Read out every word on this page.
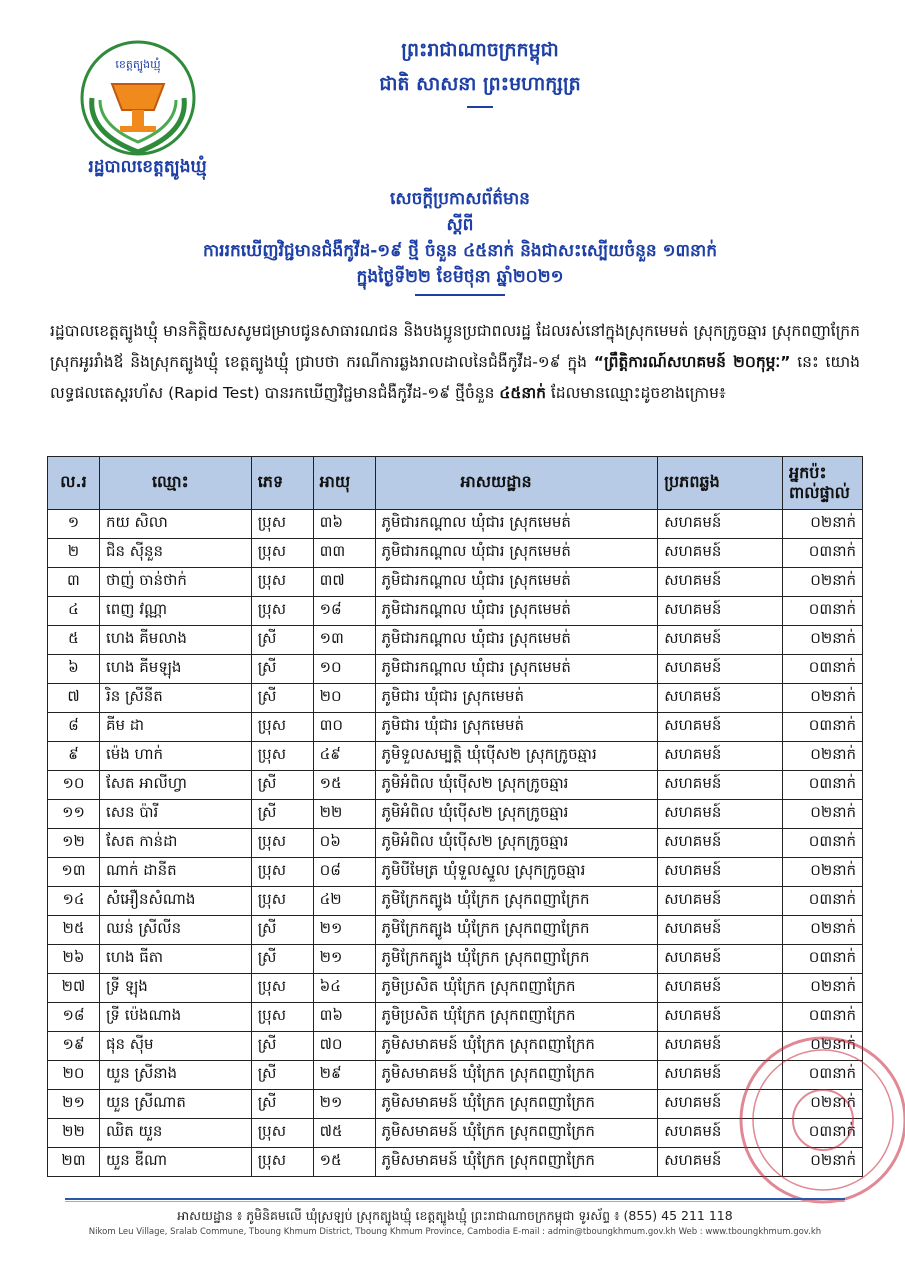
ខេត្តត្បូងឃ្មុំ
រដ្ឋបាលខេត្តត្បូងឃ្មុំ
ព្រះរាជាណាចក្រកម្ពុជា
ជាតិ សាសនា ព្រះមហាក្សត្រ
សេចក្តីប្រកាសព័ត៌មាន
ស្តីពី
ការរកឃើញវិជ្ជមានជំងឺកូវីដ-១៩ ថ្មី ចំនួន ៤៥នាក់ និងជាសះស្បើយចំនួន ១៣នាក់
ក្នុងថ្ងៃទី២២ ខែមិថុនា ឆ្នាំ២០២១
រដ្ឋបាលខេត្តត្បូងឃ្មុំ មានកិត្តិយសសូមជម្រាបជូនសាធារណជន និងបងប្អូនប្រជាពលរដ្ឋ ដែលរស់នៅក្នុងស្រុកមេមត់ ស្រុកក្រូចឆ្មារ ស្រុកពញាក្រែក ស្រុកអូររាំងឪ និងស្រុកត្បូងឃ្មុំ ខេត្តត្បូងឃ្មុំ ជ្រាបថា ករណីការឆ្លងរាលដាលនៃជំងឺកូវីដ-១៩ ក្នុង “ព្រឹត្តិការណ៍សហគមន៍ ២០កុម្ភៈ” នេះ យោងលទ្ធផលតេស្តរហ័ស (Rapid Test) បានរកឃើញវិជ្ជមានជំងឺកូវីដ-១៩ ថ្មីចំនួន ៤៥នាក់ ដែលមានឈ្មោះដូចខាងក្រោម៖
ល.រ	ឈ្មោះ	ភេទ	អាយុ	អាសយដ្ឋាន	ប្រភពឆ្លង	អ្នកប៉ះ
ពាល់ផ្ទាល់

១	កយ សិលា	ប្រុស	៣៦	ភូមិជារកណ្តាល ឃុំជារ ស្រុកមេមត់	សហគមន៍	០២នាក់
២	ជិន ស៊ីនួន	ប្រុស	៣៣	ភូមិជារកណ្តាល ឃុំជារ ស្រុកមេមត់	សហគមន៍	០៣នាក់
៣	ថាញ់ ចាន់ថាក់	ប្រុស	៣៧	ភូមិជារកណ្តាល ឃុំជារ ស្រុកមេមត់	សហគមន៍	០២នាក់
៤	ពេញ វណ្ណា	ប្រុស	១៨	ភូមិជារកណ្តាល ឃុំជារ ស្រុកមេមត់	សហគមន៍	០៣នាក់
៥	ហេង គីមលាង	ស្រី	១៣	ភូមិជារកណ្តាល ឃុំជារ ស្រុកមេមត់	សហគមន៍	០២នាក់
៦	ហេង គីមឡុង	ស្រី	១០	ភូមិជារកណ្តាល ឃុំជារ ស្រុកមេមត់	សហគមន៍	០៣នាក់
៧	រិន ស្រីនីត	ស្រី	២០	ភូមិជារ ឃុំជារ ស្រុកមេមត់	សហគមន៍	០២នាក់
៨	គីម ដា	ប្រុស	៣០	ភូមិជារ ឃុំជារ ស្រុកមេមត់	សហគមន៍	០៣នាក់
៩	ម៉េង ហាក់	ប្រុស	៤៩	ភូមិទួលសម្បត្តិ ឃុំប៉ើស២ ស្រុកក្រូចឆ្មារ	សហគមន៍	០២នាក់
១០	សែត អាលីហ្វា	ស្រី	១៥	ភូមិអំពិល ឃុំប៉ើស២ ស្រុកក្រូចឆ្មារ	សហគមន៍	០៣នាក់
១១	សេន ប៉ារី	ស្រី	២២	ភូមិអំពិល ឃុំប៉ើស២ ស្រុកក្រូចឆ្មារ	សហគមន៍	០២នាក់
១២	សែត កាន់ដា	ប្រុស	០៦	ភូមិអំពិល ឃុំប៉ើស២ ស្រុកក្រូចឆ្មារ	សហគមន៍	០៣នាក់
១៣	ណាក់ ដានីត	ប្រុស	០៨	ភូមិបីមែត្រ ឃុំទួលស្នួល ស្រុកក្រូចឆ្មារ	សហគមន៍	០២នាក់
១៤	សំអឿនសំណាង	ប្រុស	៤២	ភូមិក្រែកត្បូង ឃុំក្រែក ស្រុកពញាក្រែក	សហគមន៍	០៣នាក់
២៥	ឈន់ ស្រីលីន	ស្រី	២១	ភូមិក្រែកត្បូង ឃុំក្រែក ស្រុកពញាក្រែក	សហគមន៍	០២នាក់
២៦	ហេង ធីតា	ស្រី	២១	ភូមិក្រែកត្បូង ឃុំក្រែក ស្រុកពញាក្រែក	សហគមន៍	០៣នាក់
២៧	ទ្រី ឡុង	ប្រុស	៦៤	ភូមិប្រសិត ឃុំក្រែក ស្រុកពញាក្រែក	សហគមន៍	០២នាក់
១៨	ទ្រី ប៉េងណាង	ប្រុស	៣៦	ភូមិប្រសិត ឃុំក្រែក ស្រុកពញាក្រែក	សហគមន៍	០៣នាក់
១៩	ផុន ស៊ីម	ស្រី	៧០	ភូមិសមាគមន៍ ឃុំក្រែក ស្រុកពញាក្រែក	សហគមន៍	០២នាក់
២០	យួន ស្រីនាង	ស្រី	២៩	ភូមិសមាគមន៍ ឃុំក្រែក ស្រុកពញាក្រែក	សហគមន៍	០៣នាក់
២១	យួន ស្រីណាត	ស្រី	២១	ភូមិសមាគមន៍ ឃុំក្រែក ស្រុកពញាក្រែក	សហគមន៍	០២នាក់
២២	ឈិត យួន	ប្រុស	៧៥	ភូមិសមាគមន៍ ឃុំក្រែក ស្រុកពញាក្រែក	សហគមន៍	០៣នាក់
២៣	យួន ឌីណា	ប្រុស	១៥	ភូមិសមាគមន៍ ឃុំក្រែក ស្រុកពញាក្រែក	សហគមន៍	០២នាក់
អាសយដ្ឋាន ៖ ភូមិនិគមលើ ឃុំស្រឡប់ ស្រុកត្បូងឃ្មុំ ខេត្តត្បូងឃ្មុំ ព្រះរាជាណាចក្រកម្ពុជា ទូរស័ព្ទ ៖ (855) 45 211 118
Nikom Leu Village, Sralab Commune, Tboung Khmum District, Tboung Khmum Province, Cambodia E-mail : admin@tboungkhmum.gov.kh Web : www.tboungkhmum.gov.kh
